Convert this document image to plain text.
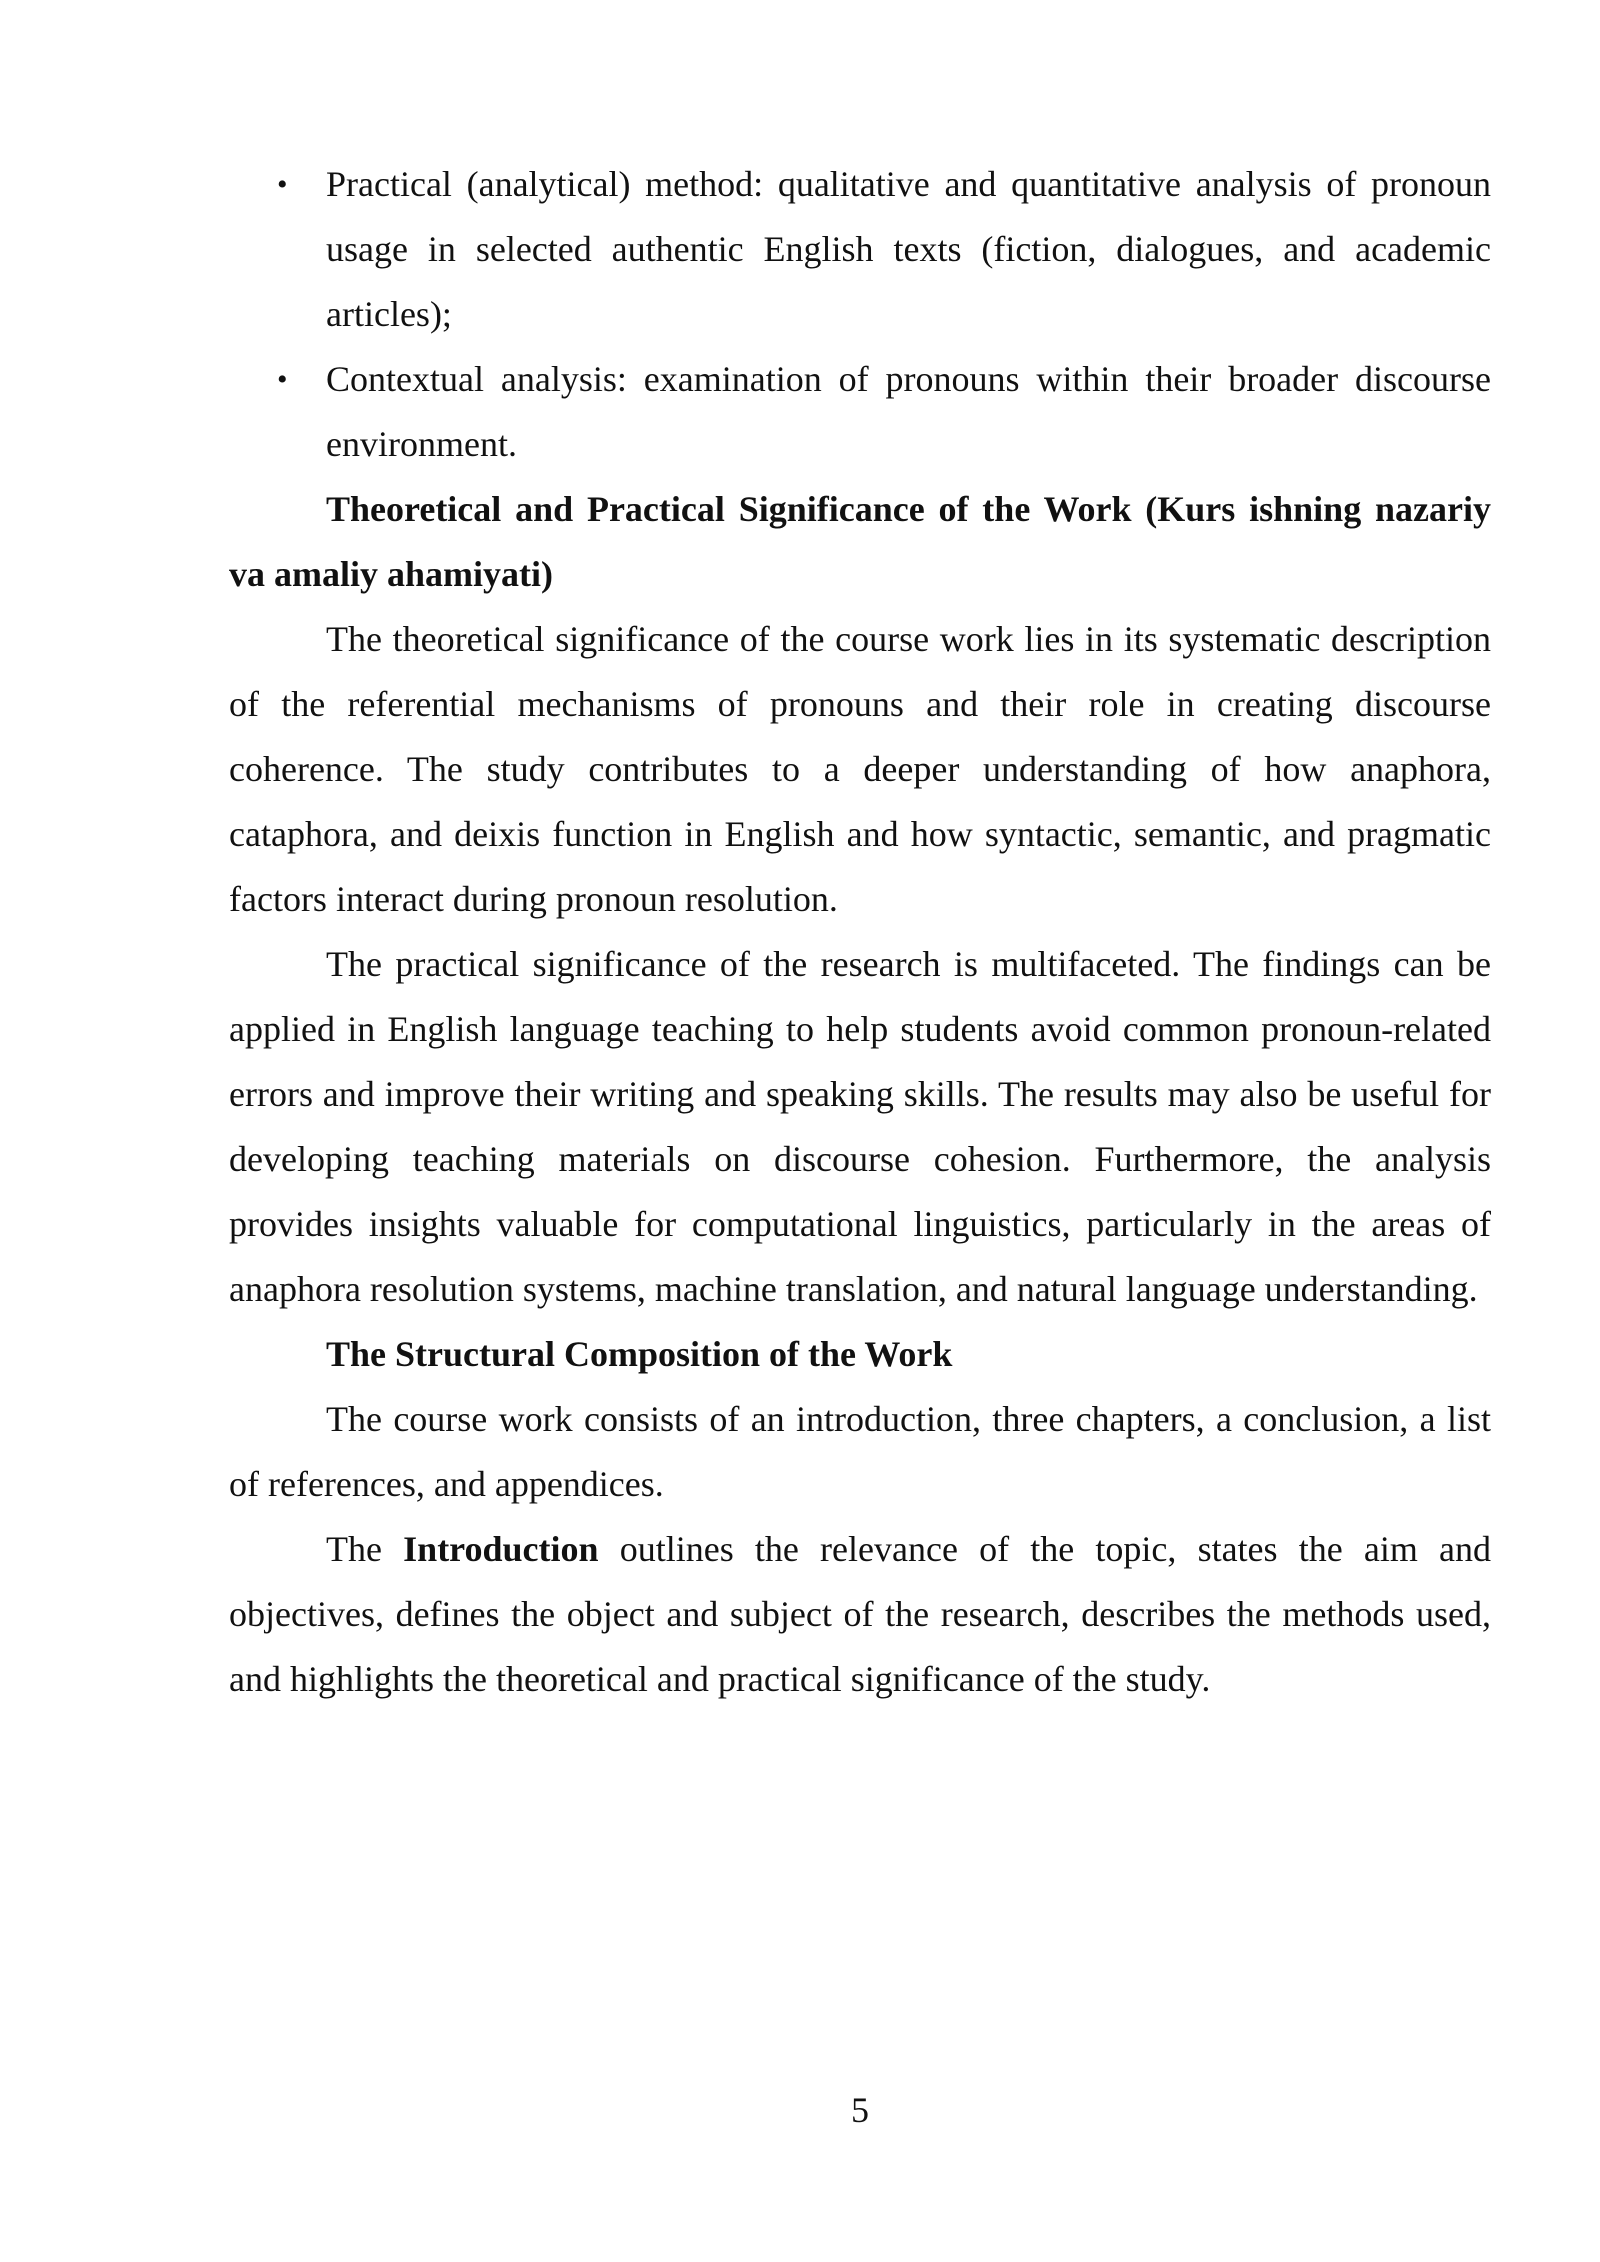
• Practical (analytical) method: qualitative and quantitative analysis of pronoun usage in selected authentic English texts (fiction, dialogues, and academic articles);
• Contextual analysis: examination of pronouns within their broader discourse environment.

Theoretical and Practical Significance of the Work (Kurs ishning nazariy va amaliy ahamiyati)

The theoretical significance of the course work lies in its systematic description of the referential mechanisms of pronouns and their role in creating discourse coherence. The study contributes to a deeper understanding of how anaphora, cataphora, and deixis function in English and how syntactic, semantic, and pragmatic factors interact during pronoun resolution.

The practical significance of the research is multifaceted. The findings can be applied in English language teaching to help students avoid common pronoun-related errors and improve their writing and speaking skills. The results may also be useful for developing teaching materials on discourse cohesion. Furthermore, the analysis provides insights valuable for computational linguistics, particularly in the areas of anaphora resolution systems, machine translation, and natural language understanding.

The Structural Composition of the Work

The course work consists of an introduction, three chapters, a conclusion, a list of references, and appendices.

The Introduction outlines the relevance of the topic, states the aim and objectives, defines the object and subject of the research, describes the methods used, and highlights the theoretical and practical significance of the study.

5
